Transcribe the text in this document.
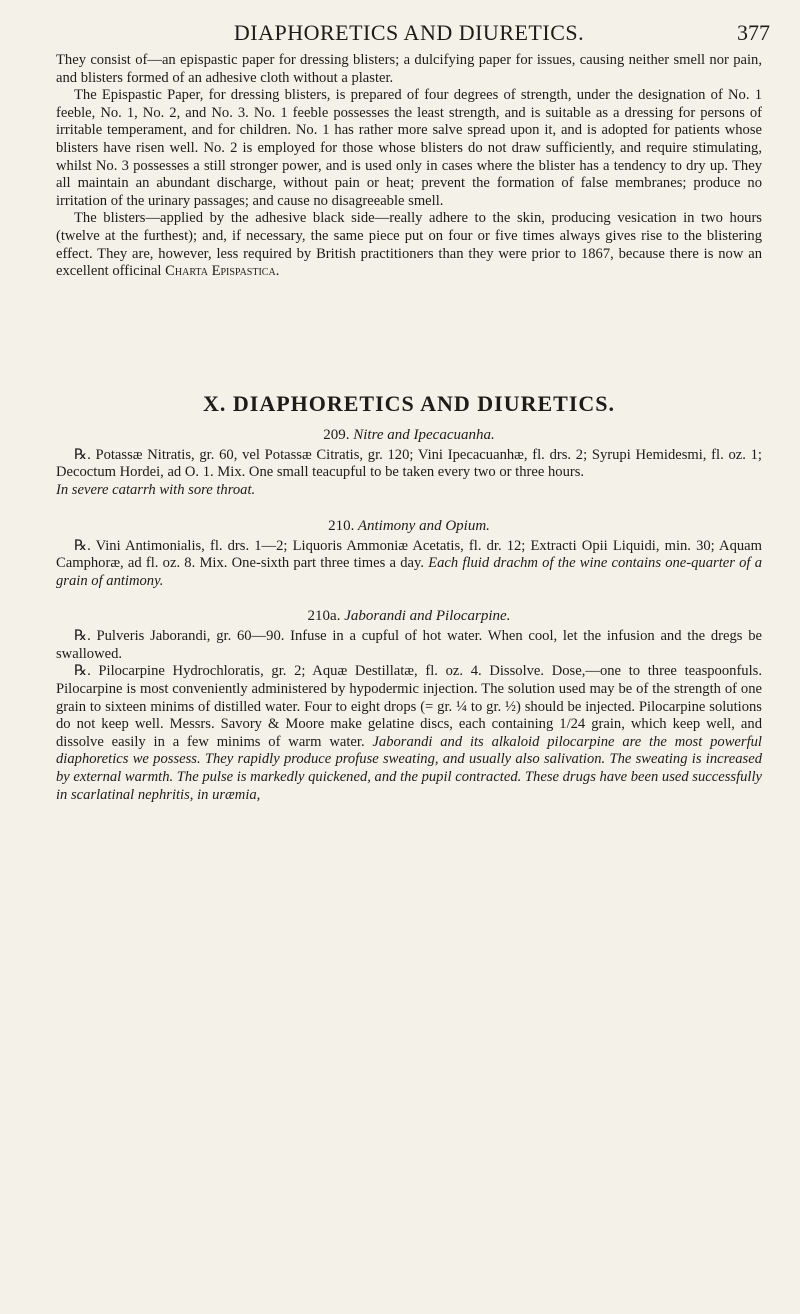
DIAPHORETICS AND DIURETICS.	377

They consist of—an epispastic paper for dressing blisters; a dulcifying paper for issues, causing neither smell nor pain, and blisters formed of an adhesive cloth without a plaster.

The Epispastic Paper, for dressing blisters, is prepared of four degrees of strength, under the designation of No. 1 feeble, No. 1, No. 2, and No. 3. No. 1 feeble possesses the least strength, and is suitable as a dressing for persons of irritable temperament, and for children. No. 1 has rather more salve spread upon it, and is adopted for patients whose blisters have risen well. No. 2 is employed for those whose blisters do not draw sufficiently, and require stimulating, whilst No. 3 possesses a still stronger power, and is used only in cases where the blister has a tendency to dry up. They all maintain an abundant discharge, without pain or heat; prevent the formation of false membranes; produce no irritation of the urinary passages; and cause no disagreeable smell.

The blisters—applied by the adhesive black side—really adhere to the skin, producing vesication in two hours (twelve at the furthest); and, if necessary, the same piece put on four or five times always gives rise to the blistering effect. They are, however, less required by British practitioners than they were prior to 1867, because there is now an excellent officinal Charta Epispastica.

X. DIAPHORETICS AND DIURETICS.
209. Nitre and Ipecacuanha.

℞. Potassæ Nitratis, gr. 60, vel Potassæ Citratis, gr. 120; Vini Ipecacuanhæ, fl. drs. 2; Syrupi Hemidesmi, fl. oz. 1; Decoctum Hordei, ad O. 1. Mix. One small teacupful to be taken every two or three hours.

In severe catarrh with sore throat.

210. Antimony and Opium.

℞. Vini Antimonialis, fl. drs. 1—2; Liquoris Ammoniæ Acetatis, fl. dr. 12; Extracti Opii Liquidi, min. 30; Aquam Camphoræ, ad fl. oz. 8. Mix. One-sixth part three times a day. Each fluid drachm of the wine contains one-quarter of a grain of antimony.

210a. Jaborandi and Pilocarpine.

℞. Pulveris Jaborandi, gr. 60—90. Infuse in a cupful of hot water. When cool, let the infusion and the dregs be swallowed.

℞. Pilocarpine Hydrochloratis, gr. 2; Aquæ Destillatæ, fl. oz. 4. Dissolve. Dose,—one to three teaspoonfuls. Pilocarpine is most conveniently administered by hypodermic injection. The solution used may be of the strength of one grain to sixteen minims of distilled water. Four to eight drops (= gr. ¼ to gr. ½) should be injected. Pilocarpine solutions do not keep well. Messrs. Savory & Moore make gelatine discs, each containing 1/24 grain, which keep well, and dissolve easily in a few minims of warm water. Jaborandi and its alkaloid pilocarpine are the most powerful diaphoretics we possess. They rapidly produce profuse sweating, and usually also salivation. The sweating is increased by external warmth. The pulse is markedly quickened, and the pupil contracted. These drugs have been used successfully in scarlatinal nephritis, in uræmia,
